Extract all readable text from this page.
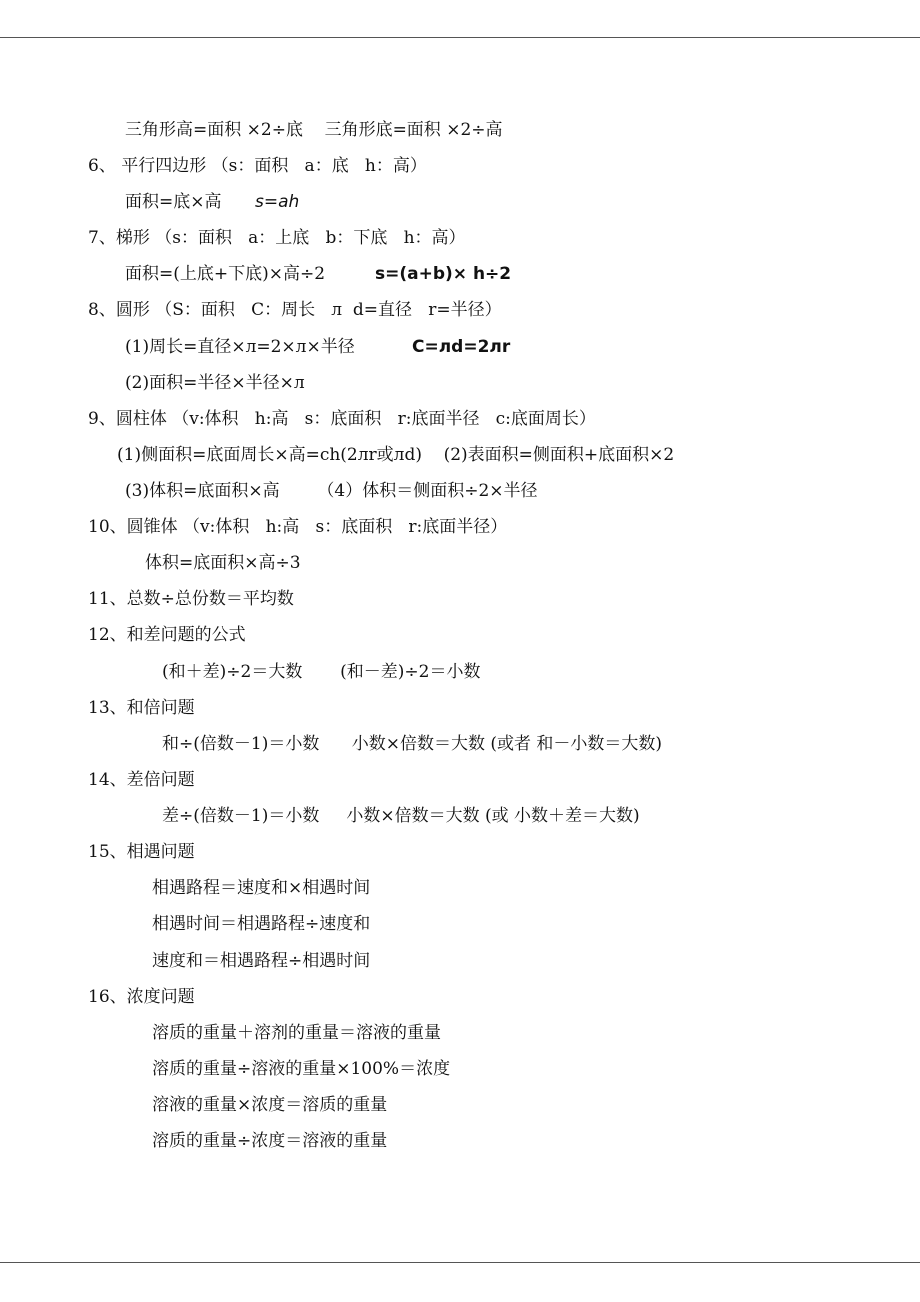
三角形高=面积 ×2÷底    三角形底=面积 ×2÷高
6、 平行四边形 （s：面积   a：底   h：高）
面积=底×高 s=ah
7、梯形 （s：面积   a：上底   b：下底   h：高）
面积=(上底+下底)×高÷2	s=(a+b)× h÷2
8、圆形 （S：面积   C：周长   л  d=直径   r=半径）
(1)周长=直径×л=2×л×半径	C=лd=2лr
(2)面积=半径×半径×л
9、圆柱体 （v:体积   h:高   s：底面积   r:底面半径   c:底面周长）
(1)侧面积=底面周长×高=ch(2лr或лd)    (2)表面积=侧面积+底面积×2
(3)体积=底面积×高       （4）体积＝侧面积÷2×半径
10、圆锥体 （v:体积   h:高   s：底面积   r:底面半径）
体积=底面积×高÷3
11、总数÷总份数＝平均数
12、和差问题的公式
(和＋差)÷2＝大数       (和－差)÷2＝小数
13、和倍问题
和÷(倍数－1)＝小数      小数×倍数＝大数 (或者 和－小数＝大数)
14、差倍问题
差÷(倍数－1)＝小数     小数×倍数＝大数 (或 小数＋差＝大数)
15、相遇问题
相遇路程＝速度和×相遇时间
相遇时间＝相遇路程÷速度和
速度和＝相遇路程÷相遇时间
16、浓度问题
溶质的重量＋溶剂的重量＝溶液的重量
溶质的重量÷溶液的重量×100%＝浓度
溶液的重量×浓度＝溶质的重量
溶质的重量÷浓度＝溶液的重量
